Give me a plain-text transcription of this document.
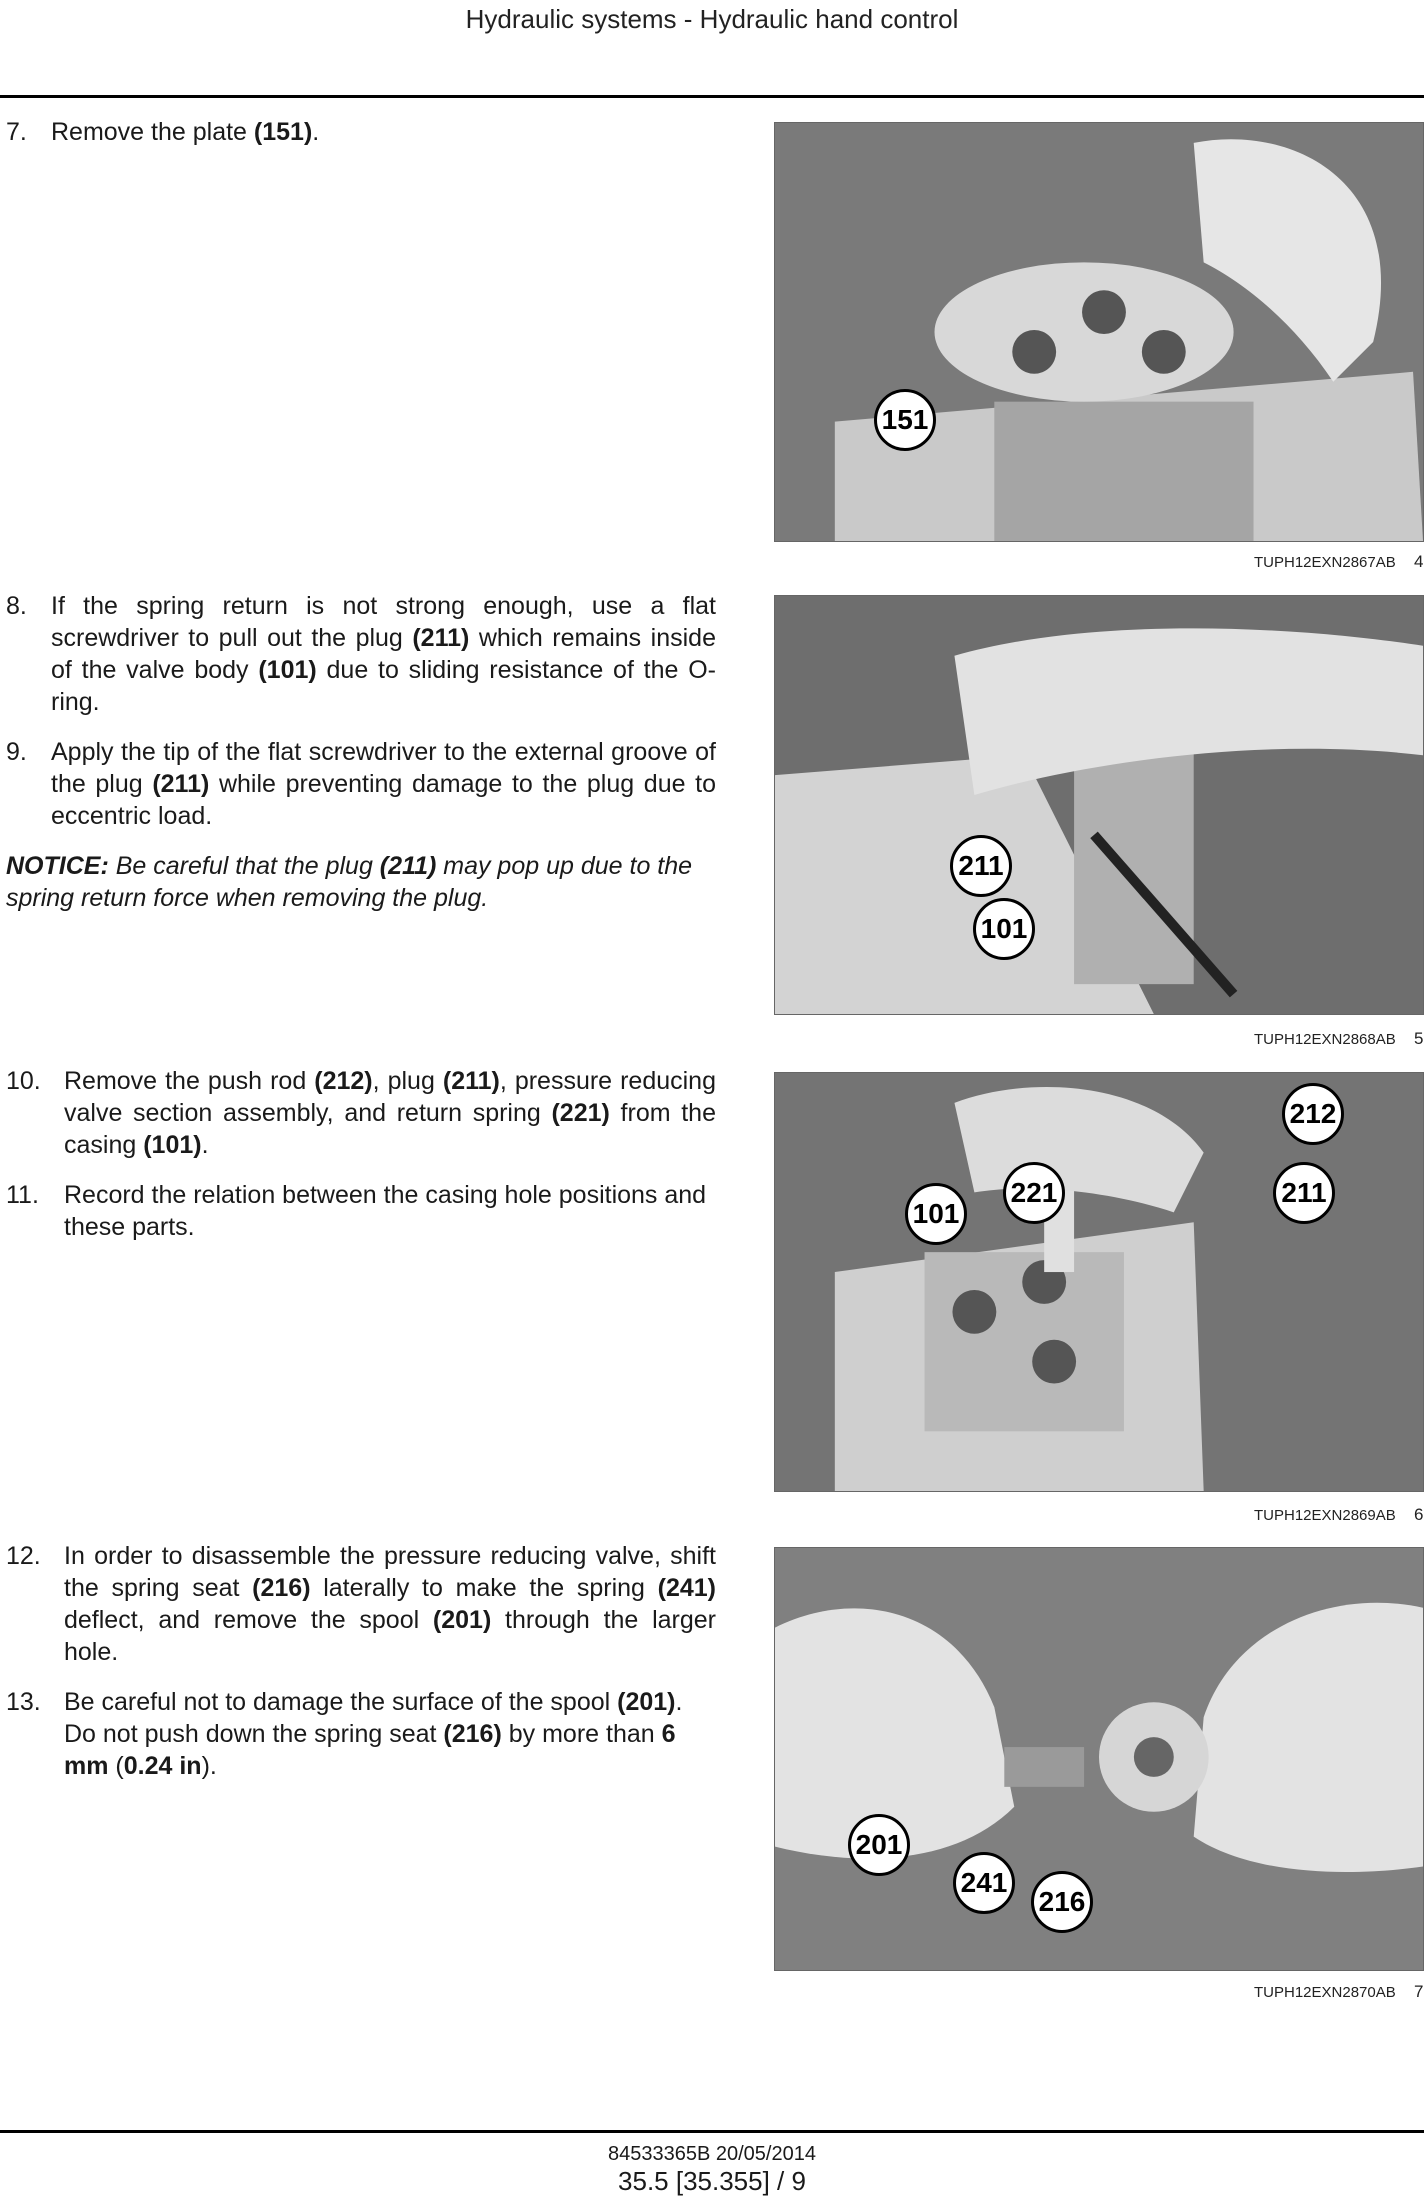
Hydraulic systems - Hydraulic hand control
7. Remove the plate (151).
8. If the spring return is not strong enough, use a flat screwdriver to pull out the plug (211) which remains inside of the valve body (101) due to sliding resistance of the O-ring.
9. Apply the tip of the flat screwdriver to the external groove of the plug (211) while preventing damage to the plug due to eccentric load.
NOTICE: Be careful that the plug (211) may pop up due to the spring return force when removing the plug.
10. Remove the push rod (212), plug (211), pressure reducing valve section assembly, and return spring (221) from the casing (101).
11.	Record the relation between the casing hole positions and these parts.
12. In order to disassemble the pressure reducing valve, shift the spring seat (216) laterally to make the spring (241) deflect, and remove the spool (201) through the larger hole.
13. Be careful not to damage the surface of the spool (201).
Do not push down the spring seat (216) by more than 6 mm (0.24 in).
151
TUPH12EXN2867AB 4
211
101
TUPH12EXN2868AB 5
212
221
101
211
TUPH12EXN2869AB 6
201
241
216
TUPH12EXN2870AB 7
84533365B 20/05/2014
35.5 [35.355] / 9
